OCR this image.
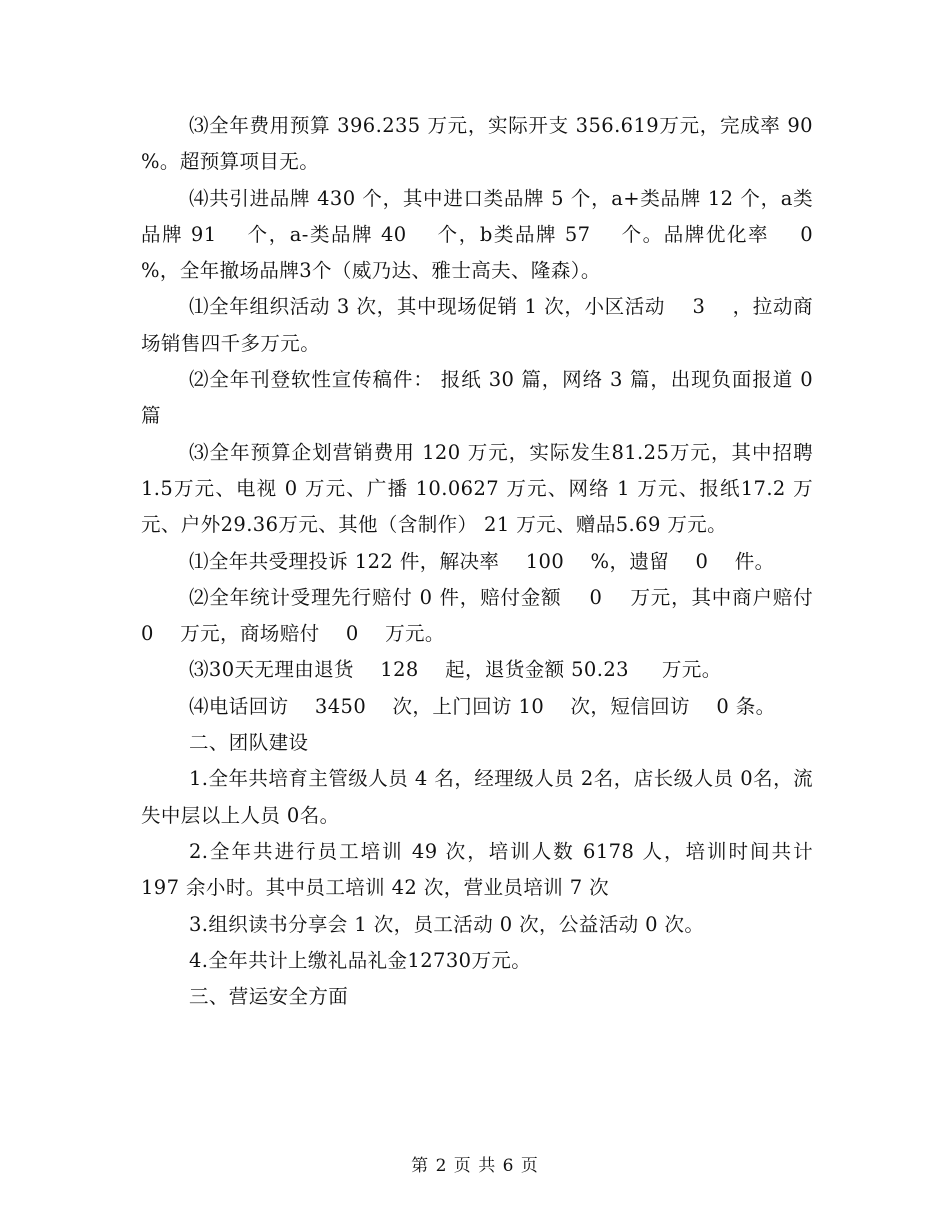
⑶全年费用预算 396.235 万元，实际开支 356.619万元，完成率 90 %。超预算项目无。

⑷共引进品牌 430 个，其中进口类品牌 5 个，a+类品牌 12 个，a类品牌 91    个，a-类品牌 40    个，b类品牌 57    个。品牌优化率    0    %，全年撤场品牌3个（威乃达、雅士高夫、隆森）。

⑴全年组织活动 3 次，其中现场促销 1 次，小区活动    3    ，拉动商场销售四千多万元。

⑵全年刊登软性宣传稿件： 报纸 30 篇，网络 3 篇，出现负面报道 0 篇

⑶全年预算企划营销费用 120 万元，实际发生81.25万元，其中招聘   1.5万元、电视 0 万元、广播 10.0627 万元、网络 1 万元、报纸17.2 万元、户外29.36万元、其他（含制作） 21 万元、赠品5.69 万元。

⑴全年共受理投诉 122 件，解决率    100    %，遗留    0    件。

⑵全年统计受理先行赔付 0 件，赔付金额    0    万元，其中商户赔付    0    万元，商场赔付    0    万元。

⑶30天无理由退货    128    起，退货金额 50.23     万元。

⑷电话回访    3450    次，上门回访 10    次，短信回访    0 条。

二、团队建设

1.全年共培育主管级人员 4 名，经理级人员 2名，店长级人员 0名，流失中层以上人员 0名。

2.全年共进行员工培训 49 次，培训人数 6178 人，培训时间共计 197 余小时。其中员工培训 42 次，营业员培训 7 次

3.组织读书分享会 1 次，员工活动 0 次，公益活动 0 次。

4.全年共计上缴礼品礼金12730万元。

三、营运安全方面

第 2 页 共 6 页
